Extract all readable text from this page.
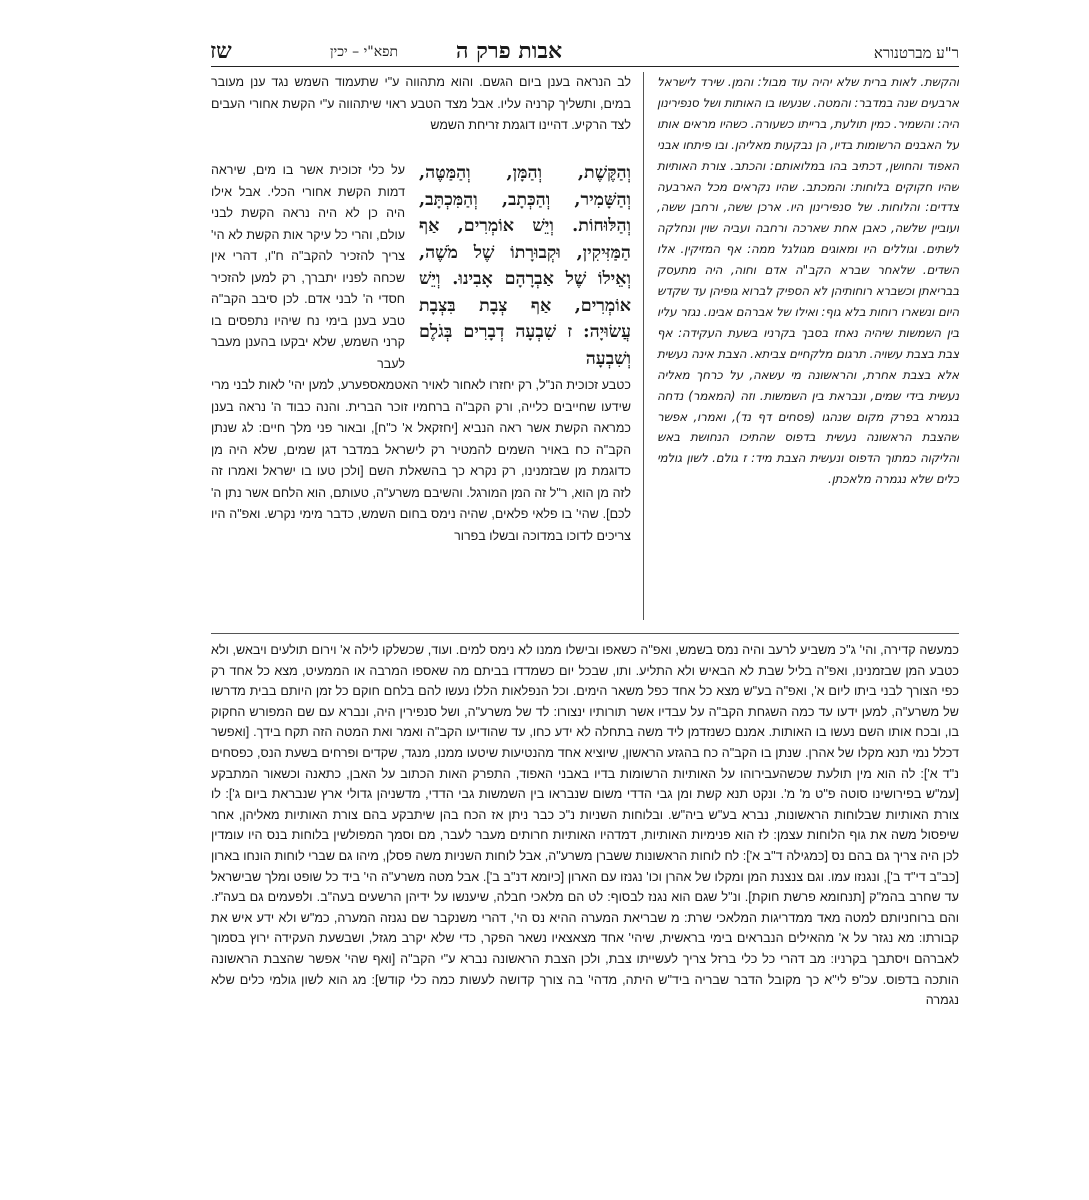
ר"ע מברטנורא
אבות פרק ה
תפא"י – יכין
שז

והקשת. לאות ברית שלא יהיה עוד מבול: והמן. שירד לישראל ארבעים שנה במדבר: והמטה. שנעשו בו האותות ושל סנפירינון היה: והשמיר. כמין תולעת, ברייתו כשעורה. כשהיו מראים אותו על האבנים הרשומות בדיו, הן נבקעות מאליהן. ובו פיתחו אבני האפוד והחושן, דכתיב בהו במלואותם: והכתב. צורת האותיות שהיו חקוקים בלוחות: והמכתב. שהיו נקראים מכל הארבעה צדדים: והלוחות. של סנפירינון היו. ארכן ששה, ורחבן ששה, ועוביין שלשה, כאבן אחת שארכה ורחבה ועביה שוין ונחלקה לשתים. וגוללים היו ומאוגים מגולגל ממה: אף המזיקין. אלו השדים. שלאחר שברא הקב"ה אדם וחוה, היה מתעסק בבריאתן וכשברא רוחותיהן לא הספיק לברוא גופיהן עד שקדש היום ונשארו רוחות בלא גוף: ואילו של אברהם אבינו. נגזר עליו בין השמשות שיהיה נאחז בסבך בקרניו בשעת העקידה: אף צבת בצבת עשויה. תרגום מלקחיים צביתא. הצבת אינה נעשית אלא בצבת אחרת, והראשונה מי עשאה, על כרחך מאליה נעשית בידי שמים, ונבראת בין השמשות. וזה (המאמר) נדחה בגמרא בפרק מקום שנהגו (פסחים דף נד), ואמרו, אפשר שהצבת הראשונה נעשית בדפוס שהתיכו הנחושת באש והליקוה כמתוך הדפוס ונעשית הצבת מיד: ז גולם. לשון גולמי כלים שלא נגמרה מלאכתן.

לב הנראה בענן ביום הגשם. והוא מתהווה ע"י שתעמוד השמש נגד ענן מעובר במים, ותשליך קרניה עליו. אבל מצד הטבע ראוי שיתהווה ע"י הקשת אחורי העבים לצד הרקיע. דהיינו דוגמת זריחת השמש

וְהַקֶּשֶׁת, וְהַמָּן, וְהַמַּטֶּה, וְהַשָּׁמִיר, וְהַכְּתָב, וְהַמִּכְתָּב, וְהַלּוּחוֹת. וְיֵשׁ אוֹמְרִים, אַף הַמַּזִּיקִין, וּקְבוּרָתוֹ שֶׁל מֹשֶׁה, וְאֵילוֹ שֶׁל אַבְרָהָם אָבִינוּ. וְיֵשׁ אוֹמְרִים, אַף צְבָת בִּצְבָת עֲשׂוּיָה: ז שִׁבְעָה דְבָרִים בְּגֹלֶם וְשִׁבְעָה

על כלי זכוכית אשר בו מים, שיראה דמות הקשת אחורי הכלי. אבל אילו היה כן לא היה נראה הקשת לבני עולם, והרי כל עיקר אות הקשת לא הי' צריך להזכיר להקב"ה ח"ו, דהרי אין שכחה לפניו יתברך, רק למען להזכיר חסדי ה' לבני אדם. לכן סיבב הקב"ה טבע בענן בימי נח שיהיו נתפסים בו קרני השמש, שלא יבקעו בהענן מעבר לעבר

כטבע זכוכית הנ"ל, רק יחזרו לאחור לאויר האטמאספערע, למען יהי' לאות לבני מרי שידעו שחייבים כלייה, ורק הקב"ה ברחמיו זוכר הברית. והנה כבוד ה' נראה בענן כמראה הקשת אשר ראה הנביא [יחזקאל א' כ"ח], ובאור פני מלך חיים: לג שנתן הקב"ה כח באויר השמים להמטיר רק לישראל במדבר דגן שמים, שלא היה מן כדוגמת מן שבזמנינו, רק נקרא כך בהשאלת השם [ולכן טעו בו ישראל ואמרו זה לזה מן הוא, ר"ל זה המן המורגל. והשיבם משרע"ה, טעותם, הוא הלחם אשר נתן ה' לכם]. שהי' בו פלאי פלאים, שהיה נימס בחום השמש, כדבר מימי נקרש. ואפ"ה היו צריכים לדוכו במדוכה ובשלו בפרור

כמעשה קדירה, והי' ג"כ משביע לרעב והיה נמס בשמש, ואפ"ה כשאפו ובישלו ממנו לא נימס למים. ועוד, שכשלקו לילה א' וירום תולעים ויבאש, ולא כטבע המן שבזמנינו, ואפ"ה בליל שבת לא הבאיש ולא התליע. ותו, שבכל יום כשמדדו בביתם מה שאספו המרבה או הממעיט, מצא כל אחד רק כפי הצורך לבני ביתו ליום א', ואפ"ה בע"ש מצא כל אחד כפל משאר הימים. וכל הנפלאות הללו נעשו להם בלחם חוקם כל זמן היותם בבית מדרשו של משרע"ה, למען ידעו עד כמה השגחת הקב"ה על עבדיו אשר תורותיו ינצורו: לד של משרע"ה, ושל סנפירין היה, ונברא עם שם המפורש החקוק בו, ובכח אותו השם נעשו בו האותות. אמנם כשנזדמן ליד משה בתחלה לא ידע כחו, עד שהודיעו הקב"ה ואמר ואת המטה הזה תקח בידך. [ואפשר דכלל נמי תנא מקלו של אהרן. שנתן בו הקב"ה כח בהגזע הראשון, שיוציא אחד מהנטיעות שיטעו ממנו, מנגד, שקדים ופרחים בשעת הנס, כפסחים נ"ד א']: לה הוא מין תולעת שכשהעבירוהו על האותיות הרשומות בדיו באבני האפוד, התפרק האות הכתוב על האבן, כתאנה וכשאור המתבקע [עמ"ש בפירושינו סוטה פ"ט מ' מ'. ונקט תנא קשת ומן גבי הדדי משום שנבראו בין השמשות גבי הדדי, מדשניהן גדולי ארץ שנבראת ביום ג']: לו צורת האותיות שבלוחות הראשונות, נברא בע"ש ביה"ש. ובלוחות השניות נ"כ כבר ניתן אז הכח בהן שיתבקע בהם צורת האותיות מאליהן, אחר שיפסול משה את גוף הלוחות עצמן: לז הוא פנימיות האותיות, דמדהיו האותיות חרותים מעבר לעבר, מם וסמך המפולשין בלוחות בנס היו עומדין לכן היה צריך גם בהם נס [כמגילה ד"ב א']: לח לוחות הראשונות ששברן משרע"ה, אבל לוחות השניות משה פסלן, מיהו גם שברי לוחות הונחו בארון [כב"ב די"ד ב'], ונגנזו עמו. וגם צנצנת המן ומקלו של אהרן וכו' נגנזו עם הארון [כיומא דנ"ב ב']. אבל מטה משרע"ה הי' ביד כל שופט ומלך שבישראל עד שחרב בהמ"ק [תנחומא פרשת חוקת]. ונ"ל שגם הוא נגנז לבסוף: לט הם מלאכי חבלה, שיענשו על ידיהן הרשעים בעה"ב. ולפעמים גם בעה"ז. והם ברוחניותם למטה מאד ממדריגות המלאכי שרת: מ שבריאת המערה ההיא נס הי', דהרי משנקבר שם נגנזה המערה, כמ"ש ולא ידע איש את קבורתו: מא נגזר על א' מהאילים הנבראים בימי בראשית, שיהי' אחד מצאצאיו נשאר הפקר, כדי שלא יקרב מגזל, ושבשעת העקידה ירוץ בסמוך לאברהם ויסתבך בקרניו: מב דהרי כל כלי ברזל צריך לעשייתו צבת, ולכן הצבת הראשונה נברא ע"י הקב"ה [ואף שהי' אפשר שהצבת הראשונה הותכה בדפוס. עכ"פ לי"א כך מקובל הדבר שבריה ביד"ש היתה, מדהי' בה צורך קדושה לעשות כמה כלי קודש]: מג הוא לשון גולמי כלים שלא נגמרה
